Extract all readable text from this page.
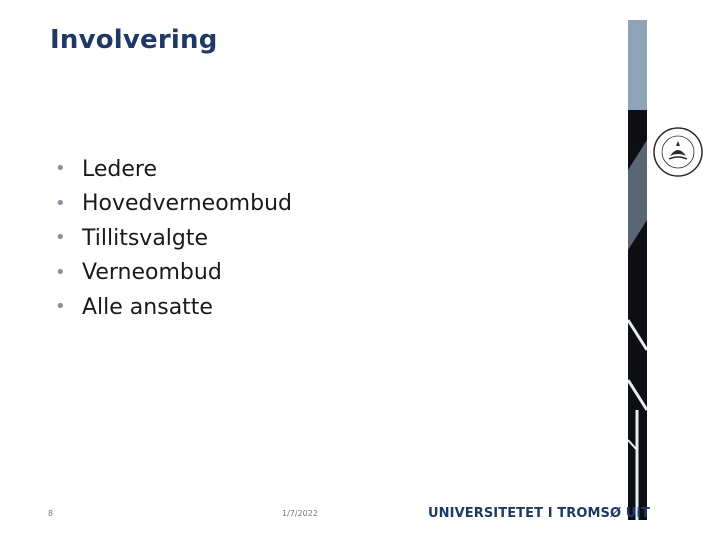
Involvering
• Ledere
• Hovedverneombud
• Tillitsvalgte
• Verneombud
• Alle ansatte
8	1/7/2022	UNIVERSITETET I TROMSØ UiT
